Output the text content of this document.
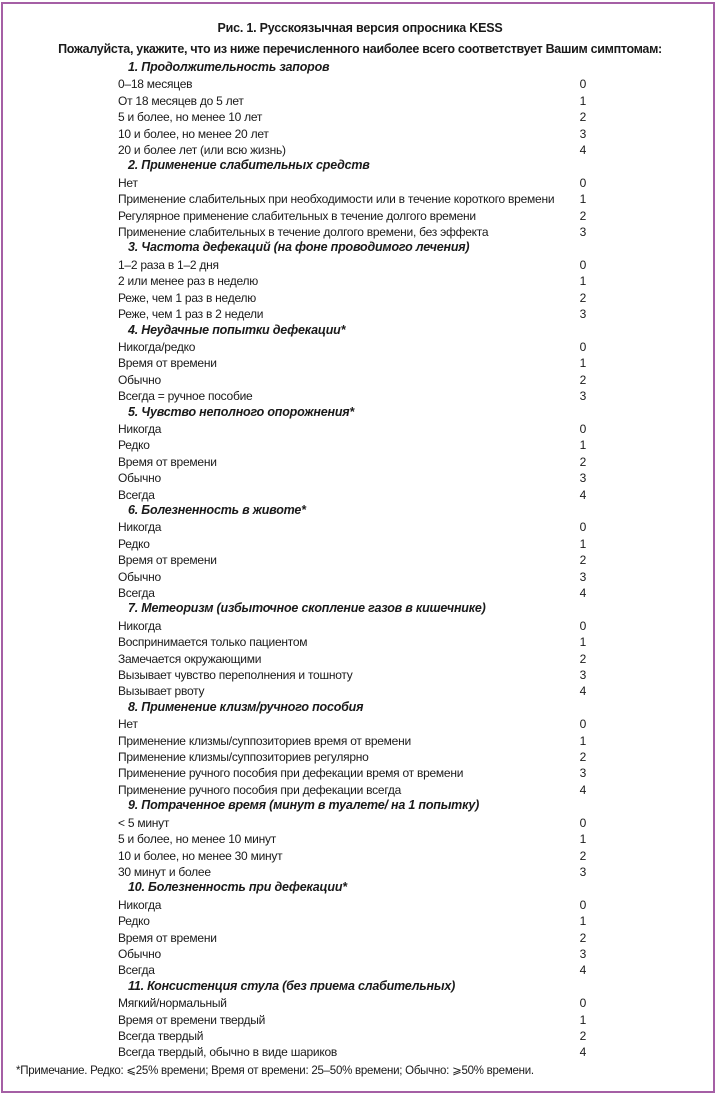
Рис. 1. Русскоязычная версия опросника KESS
Пожалуйста, укажите, что из ниже перечисленного наиболее всего соответствует Вашим симптомам:
1. Продолжительность запоров
0–18 месяцев	0
От 18 месяцев до 5 лет	1
5 и более, но менее 10 лет	2
10 и более, но менее 20 лет	3
20 и более лет (или всю жизнь)	4
2. Применение слабительных средств
Нет	0
Применение слабительных при необходимости или в течение короткого времени 1
Регулярное применение слабительных в течение долгого времени	2
Применение слабительных в течение долгого времени, без эффекта	3
3. Частота дефекаций (на фоне проводимого лечения)
1–2 раза в 1–2 дня	0
2 или менее раз в неделю	1
Реже, чем 1 раз в неделю	2
Реже, чем 1 раз в 2 недели	3
4. Неудачные попытки дефекации*
Никогда/редко	0
Время от времени	1
Обычно	2
Всегда = ручное пособие	3
5. Чувство неполного опорожнения*
Никогда	0
Редко	1
Время от времени	2
Обычно	3
Всегда	4
6. Болезненность в животе*
Никогда	0
Редко	1
Время от времени	2
Обычно	3
Всегда	4
7. Метеоризм (избыточное скопление газов в кишечнике)
Никогда	0
Воспринимается только пациентом	1
Замечается окружающими	2
Вызывает чувство переполнения и тошноту	3
Вызывает рвоту	4
8. Применение клизм/ручного пособия
Нет	0
Применение клизмы/суппозиториев время от времени	1
Применение клизмы/суппозиториев регулярно	2
Применение ручного пособия при дефекации время от времени	3
Применение ручного пособия при дефекации всегда	4
9. Потраченное время (минут в туалете/ на 1 попытку)
< 5 минут	0
5 и более, но менее 10 минут	1
10 и более, но менее 30 минут	2
30 минут и более	3
10. Болезненность при дефекации*
Никогда	0
Редко	1
Время от времени	2
Обычно	3
Всегда	4
11. Консистенция стула (без приема слабительных)
Мягкий/нормальный	0
Время от времени твердый	1
Всегда твердый	2
Всегда твердый, обычно в виде шариков	4
*Примечание. Редко: ⩽25% времени; Время от времени: 25–50% времени; Обычно: ⩾50% времени.
